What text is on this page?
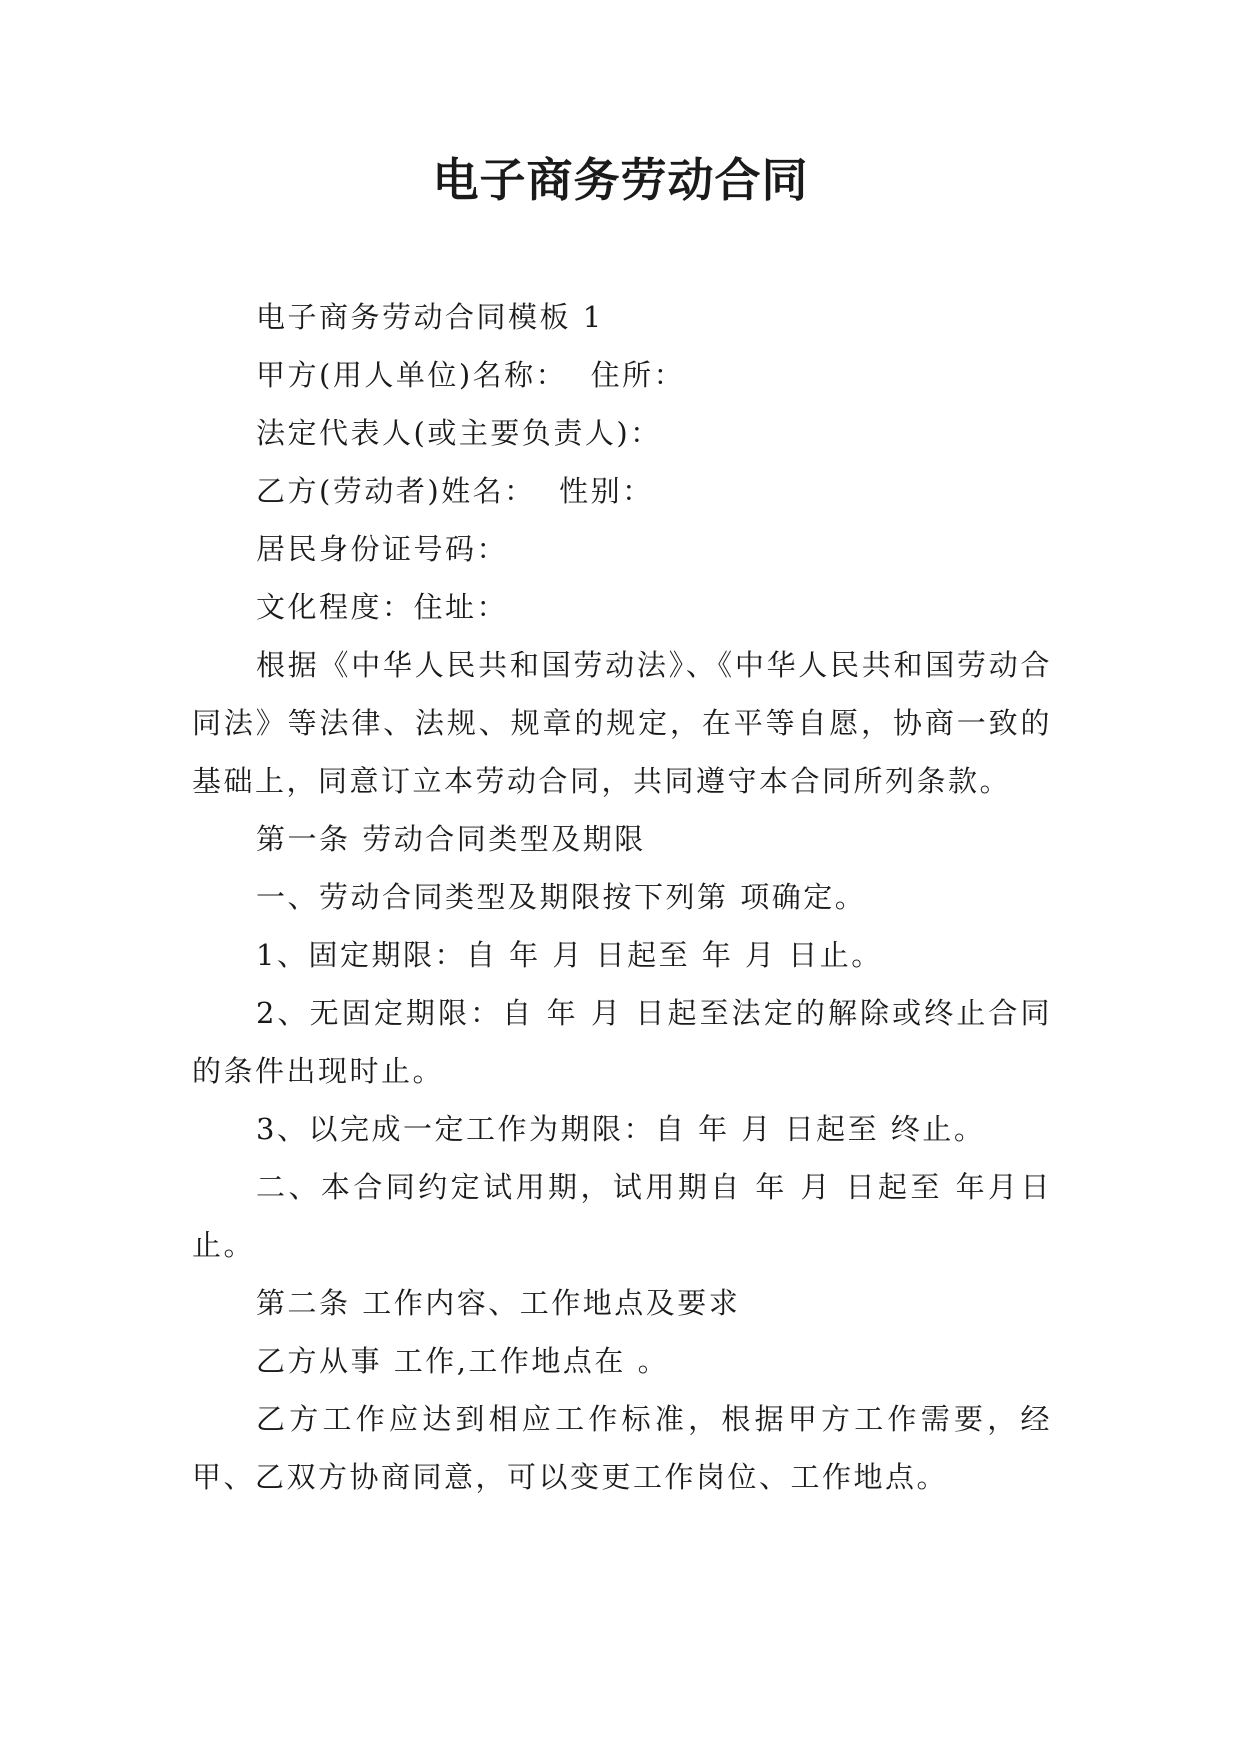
电子商务劳动合同

电子商务劳动合同模板 1

甲方(用人单位)名称：  住所：

法定代表人(或主要负责人)：

乙方(劳动者)姓名：  性别：

居民身份证号码：

文化程度：住址：

根据《中华人民共和国劳动法》、《中华人民共和国劳动合同法》等法律、法规、规章的规定，在平等自愿，协商一致的基础上，同意订立本劳动合同，共同遵守本合同所列条款。

第一条 劳动合同类型及期限

一、劳动合同类型及期限按下列第 项确定。

1、固定期限：自 年 月 日起至 年 月 日止。

2、无固定期限：自 年 月 日起至法定的解除或终止合同的条件出现时止。

3、以完成一定工作为期限：自 年 月 日起至 终止。

二、本合同约定试用期，试用期自 年 月 日起至 年月日止。

第二条 工作内容、工作地点及要求

乙方从事 工作,工作地点在 。

乙方工作应达到相应工作标准，根据甲方工作需要，经甲、乙双方协商同意，可以变更工作岗位、工作地点。
